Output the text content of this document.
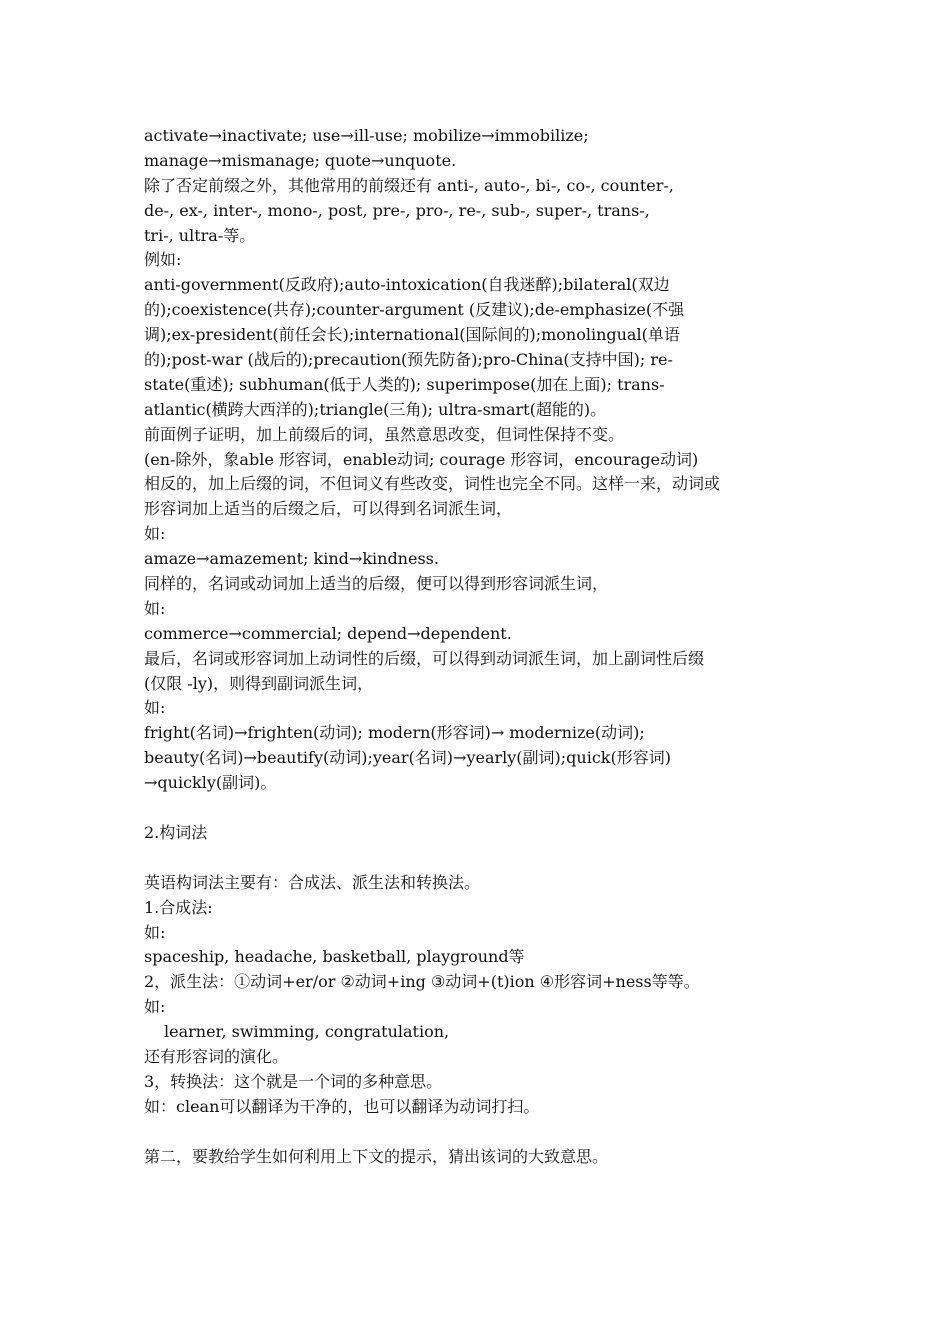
activate→inactivate; use→ill-use; mobilize→immobilize;
manage→mismanage; quote→unquote.
除了否定前缀之外，其他常用的前缀还有 anti-, auto-, bi-, co-, counter-,
de-, ex-, inter-, mono-, post, pre-, pro-, re-, sub-, super-, trans-,
tri-, ultra-等。
例如:
anti-government(反政府);auto-intoxication(自我迷醉);bilateral(双边
的);coexistence(共存);counter-argument (反建议);de-emphasize(不强
调);ex-president(前任会长);international(国际间的);monolingual(单语
的);post-war (战后的);precaution(预先防备);pro-China(支持中国); re-
state(重述); subhuman(低于人类的); superimpose(加在上面); trans-
atlantic(横跨大西洋的);triangle(三角); ultra-smart(超能的)。
前面例子证明，加上前缀后的词，虽然意思改变，但词性保持不变。
(en-除外，象able 形容词，enable动词; courage 形容词，encourage动词)
相反的，加上后缀的词，不但词义有些改变，词性也完全不同。这样一来，动词或
形容词加上适当的后缀之后，可以得到名词派生词，
如:
amaze→amazement; kind→kindness.
同样的，名词或动词加上适当的后缀，便可以得到形容词派生词，
如:
commerce→commercial; depend→dependent.
最后，名词或形容词加上动词性的后缀，可以得到动词派生词，加上副词性后缀
(仅限 -ly)，则得到副词派生词，
如:
fright(名词)→frighten(动词); modern(形容词)→ modernize(动词);
beauty(名词)→beautify(动词);year(名词)→yearly(副词);quick(形容词)
→quickly(副词)。
2.构词法
英语构词法主要有：合成法、派生法和转换法。
1.合成法:
如:
spaceship, headache, basketball, playground等
2，派生法：①动词+er/or ②动词+ing ③动词+(t)ion ④形容词+ness等等。
如:
learner, swimming, congratulation,
还有形容词的演化。
3，转换法：这个就是一个词的多种意思。
如：clean可以翻译为干净的，也可以翻译为动词打扫。
第二，要教给学生如何利用上下文的提示，猜出该词的大致意思。
